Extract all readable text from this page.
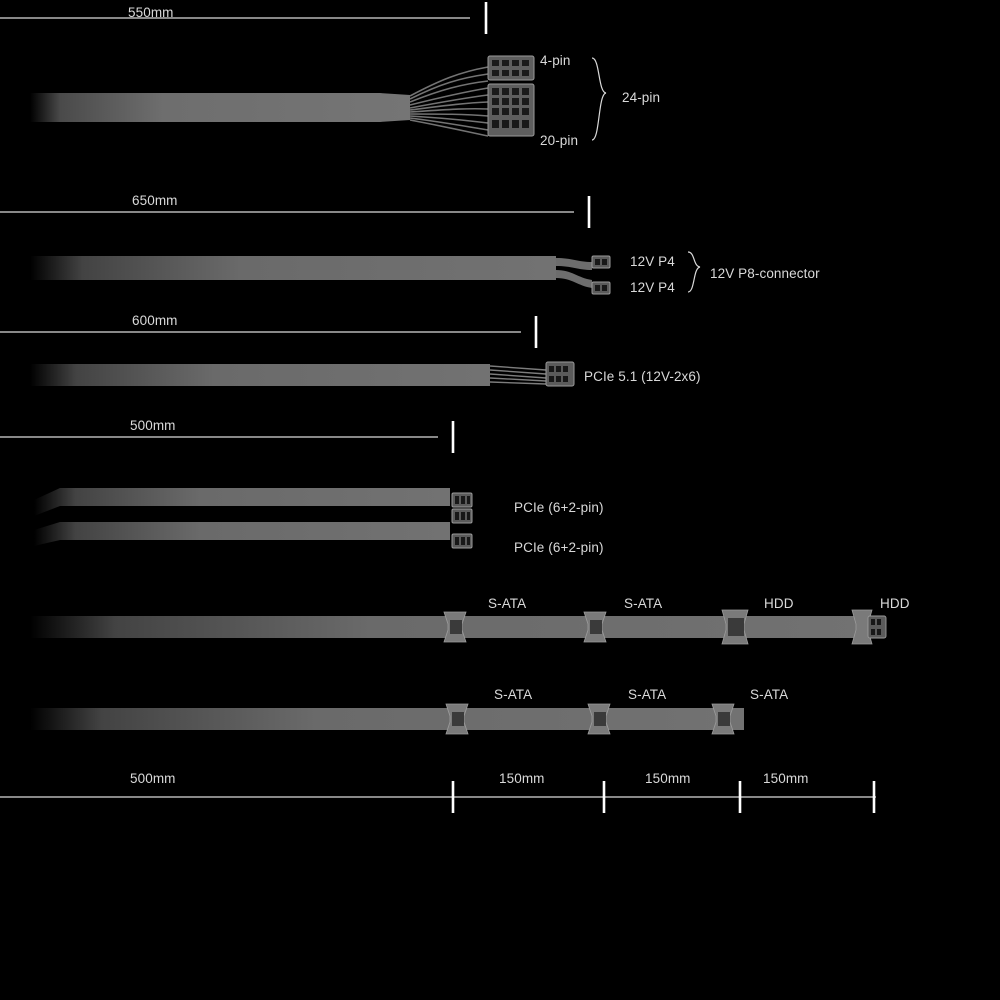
550mm
650mm
600mm
500mm
500mm	150mm	150mm	150mm
4-pin
24-pin
20-pin
12V P4
12V P8-connector
12V P4
PCIe 5.1 (12V-2x6)
PCIe (6+2-pin)
PCIe (6+2-pin)
S-ATA	S-ATA	HDD	HDD
S-ATA	S-ATA	S-ATA
